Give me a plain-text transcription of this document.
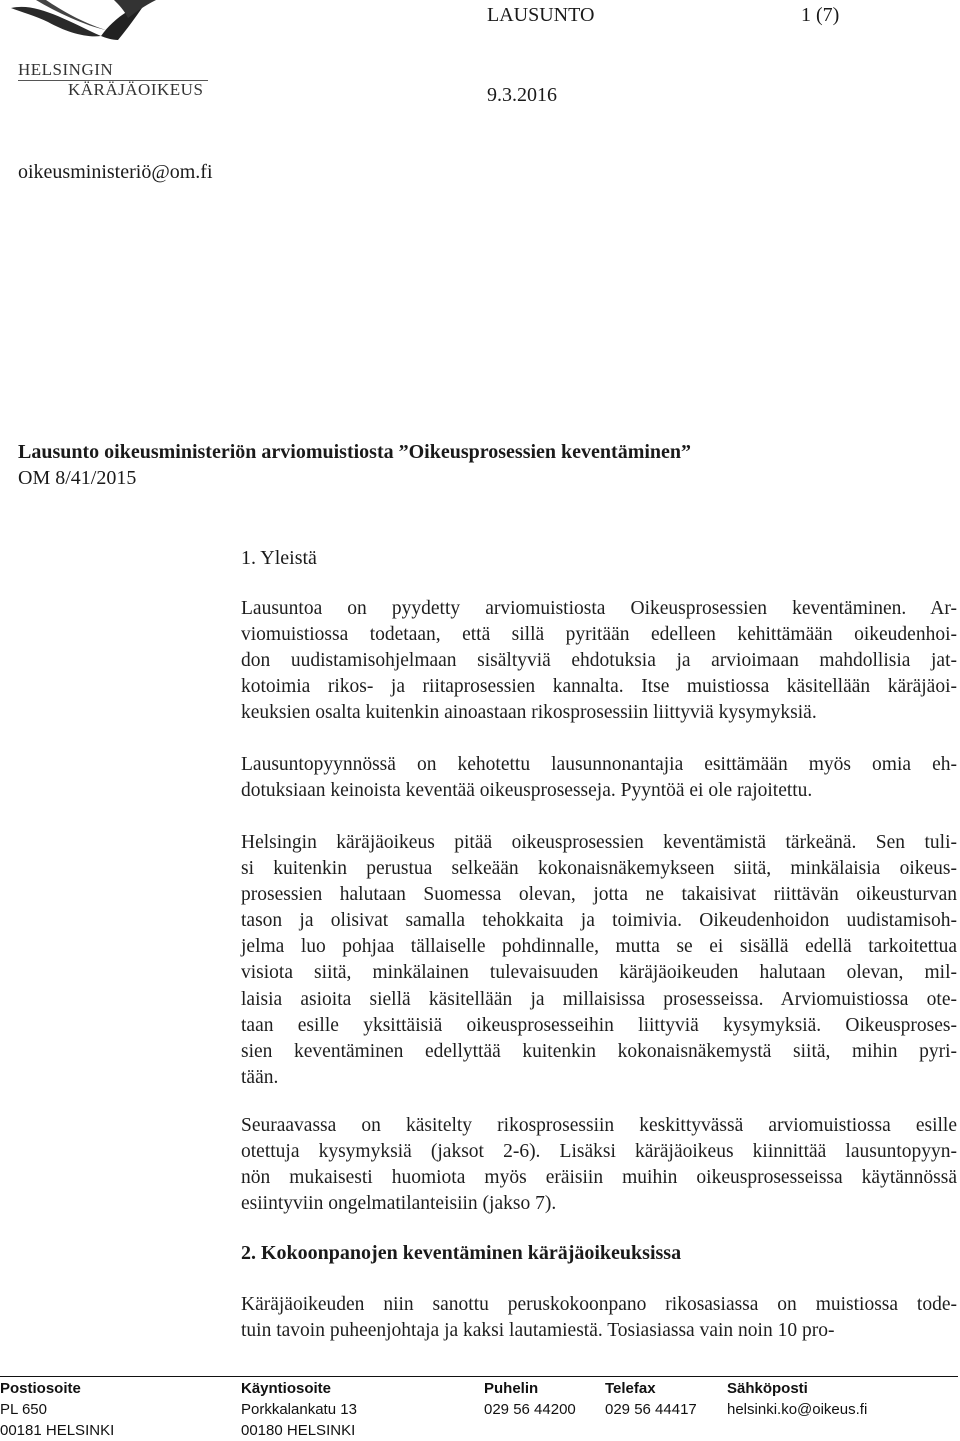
HELSINGIN
KÄRÄJÄOIKEUS
LAUSUNTO	1 (7)
9.3.2016
oikeusministeriö@om.fi
Lausunto oikeusministeriön arviomuistiosta ”Oikeusprosessien keventäminen”
OM 8/41/2015
1. Yleistä
Lausuntoa on pyydetty arviomuistiosta Oikeusprosessien keventäminen. Ar-
viomuistiossa todetaan, että sillä pyritään edelleen kehittämään oikeudenhoi-
don uudistamisohjelmaan sisältyviä ehdotuksia ja arvioimaan mahdollisia jat-
kotoimia rikos- ja riitaprosessien kannalta. Itse muistiossa käsitellään käräjäoi-
keuksien osalta kuitenkin ainoastaan rikosprosessiin liittyviä kysymyksiä.
Lausuntopyynnössä on kehotettu lausunnonantajia esittämään myös omia eh-
dotuksiaan keinoista keventää oikeusprosesseja. Pyyntöä ei ole rajoitettu.
Helsingin käräjäoikeus pitää oikeusprosessien keventämistä tärkeänä. Sen tuli-
si kuitenkin perustua selkeään kokonaisnäkemykseen siitä, minkälaisia oikeus-
prosessien halutaan Suomessa olevan, jotta ne takaisivat riittävän oikeusturvan
tason ja olisivat samalla tehokkaita ja toimivia. Oikeudenhoidon uudistamisoh-
jelma luo pohjaa tällaiselle pohdinnalle, mutta se ei sisällä edellä tarkoitettua
visiota siitä, minkälainen tulevaisuuden käräjäoikeuden halutaan olevan, mil-
laisia asioita siellä käsitellään ja millaisissa prosesseissa. Arviomuistiossa ote-
taan esille yksittäisiä oikeusprosesseihin liittyviä kysymyksiä. Oikeusproses-
sien keventäminen edellyttää kuitenkin kokonaisnäkemystä siitä, mihin pyri-
tään.
Seuraavassa on käsitelty rikosprosessiin keskittyvässä arviomuistiossa esille
otettuja kysymyksiä (jaksot 2-6). Lisäksi käräjäoikeus kiinnittää lausuntopyyn-
nön mukaisesti huomiota myös eräisiin muihin oikeusprosesseissa käytännössä
esiintyviin ongelmatilanteisiin (jakso 7).
2. Kokoonpanojen keventäminen käräjäoikeuksissa
Käräjäoikeuden niin sanottu peruskokoonpano rikosasiassa on muistiossa tode-
tuin tavoin puheenjohtaja ja kaksi lautamiestä. Tosiasiassa vain noin 10 pro-
Postiosoite
PL 650
00181 HELSINKI
Käyntiosoite
Porkkalankatu 13
00180 HELSINKI
Puhelin
029 56 44200
Telefax
029 56 44417
Sähköposti
helsinki.ko@oikeus.fi
